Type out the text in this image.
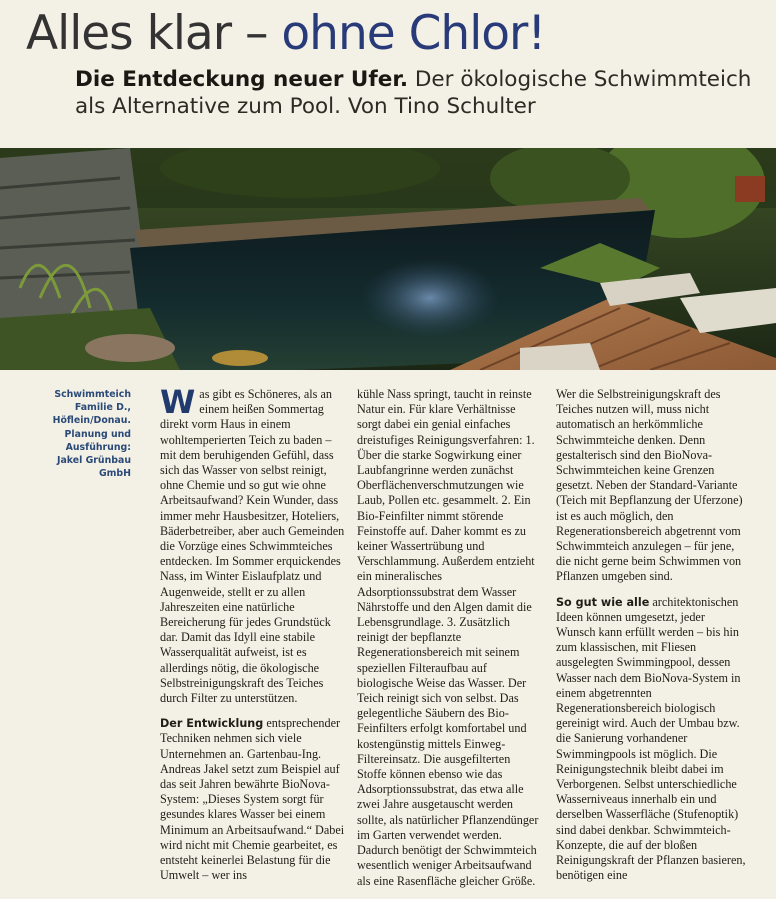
Alles klar – ohne Chlor!
Die Entdeckung neuer Ufer. Der ökologische Schwimmteich als Alternative zum Pool. Von Tino Schulter
Schwimmteich
Familie D.,
Höflein/Donau.
Planung und
Ausführung:
Jakel Grünbau GmbH

Was gibt es Schöneres, als an einem heißen Sommertag direkt vorm Haus in einem wohltemperierten Teich zu baden – mit dem beruhigenden Gefühl, dass sich das Wasser von selbst reinigt, ohne Chemie und so gut wie ohne Arbeitsaufwand? Kein Wunder, dass immer mehr Hausbesitzer, Hoteliers, Bäderbetreiber, aber auch Gemeinden die Vorzüge eines Schwimmteiches entdecken. Im Sommer erquickendes Nass, im Winter Eislaufplatz und Augenweide, stellt er zu allen Jahreszeiten eine natürliche Bereicherung für jedes Grundstück dar. Damit das Idyll eine stabile Wasserqualität aufweist, ist es allerdings nötig, die ökologische Selbstreinigungskraft des Teiches durch Filter zu unterstützen.

Der Entwicklung entsprechender Techniken nehmen sich viele Unternehmen an. Gartenbau-Ing. Andreas Jakel setzt zum Beispiel auf das seit Jahren bewährte BioNova-System: „Dieses System sorgt für gesundes klares Wasser bei einem Minimum an Arbeitsaufwand.“ Dabei wird nicht mit Chemie gearbeitet, es entsteht keinerlei Belastung für die Umwelt – wer ins

kühle Nass springt, taucht in reinste Natur ein. Für klare Verhältnisse sorgt dabei ein genial einfaches dreistufiges Reinigungsverfahren: 1. Über die starke Sogwirkung einer Laubfangrinne werden zunächst Oberflächenverschmutzungen wie Laub, Pollen etc. gesammelt. 2. Ein Bio-Feinfilter nimmt störende Feinstoffe auf. Daher kommt es zu keiner Wassertrübung und Verschlammung. Außerdem entzieht ein mineralisches Adsorptionssubstrat dem Wasser Nährstoffe und den Algen damit die Lebensgrundlage. 3. Zusätzlich reinigt der bepflanzte Regenerationsbereich mit seinem speziellen Filteraufbau auf biologische Weise das Wasser. Der Teich reinigt sich von selbst. Das gelegentliche Säubern des Bio-Feinfilters erfolgt komfortabel und kostengünstig mittels Einweg-Filtereinsatz. Die ausgefilterten Stoffe können ebenso wie das Adsorptionssubstrat, das etwa alle zwei Jahre ausgetauscht werden sollte, als natürlicher Pflanzendünger im Garten verwendet werden. Dadurch benötigt der Schwimmteich wesentlich weniger Arbeitsaufwand als eine Rasenfläche gleicher Größe.

Wer die Selbstreinigungskraft des Teiches nutzen will, muss nicht automatisch an herkömmliche Schwimmteiche denken. Denn gestalterisch sind den BioNova-Schwimmteichen keine Grenzen gesetzt. Neben der Standard-Variante (Teich mit Bepflanzung der Uferzone) ist es auch möglich, den Regenerationsbereich abgetrennt vom Schwimmteich anzulegen – für jene, die nicht gerne beim Schwimmen von Pflanzen umgeben sind.

So gut wie alle architektonischen Ideen können umgesetzt, jeder Wunsch kann erfüllt werden – bis hin zum klassischen, mit Fliesen ausgelegten Swimmingpool, dessen Wasser nach dem BioNova-System in einem abgetrennten Regenerationsbereich biologisch gereinigt wird. Auch der Umbau bzw. die Sanierung vorhandener Swimmingpools ist möglich. Die Reinigungstechnik bleibt dabei im Verborgenen. Selbst unterschiedliche Wasserniveaus innerhalb ein und derselben Wasserfläche (Stufenoptik) sind dabei denkbar. Schwimmteich-Konzepte, die auf der bloßen Reinigungskraft der Pflanzen basieren, benötigen eine
